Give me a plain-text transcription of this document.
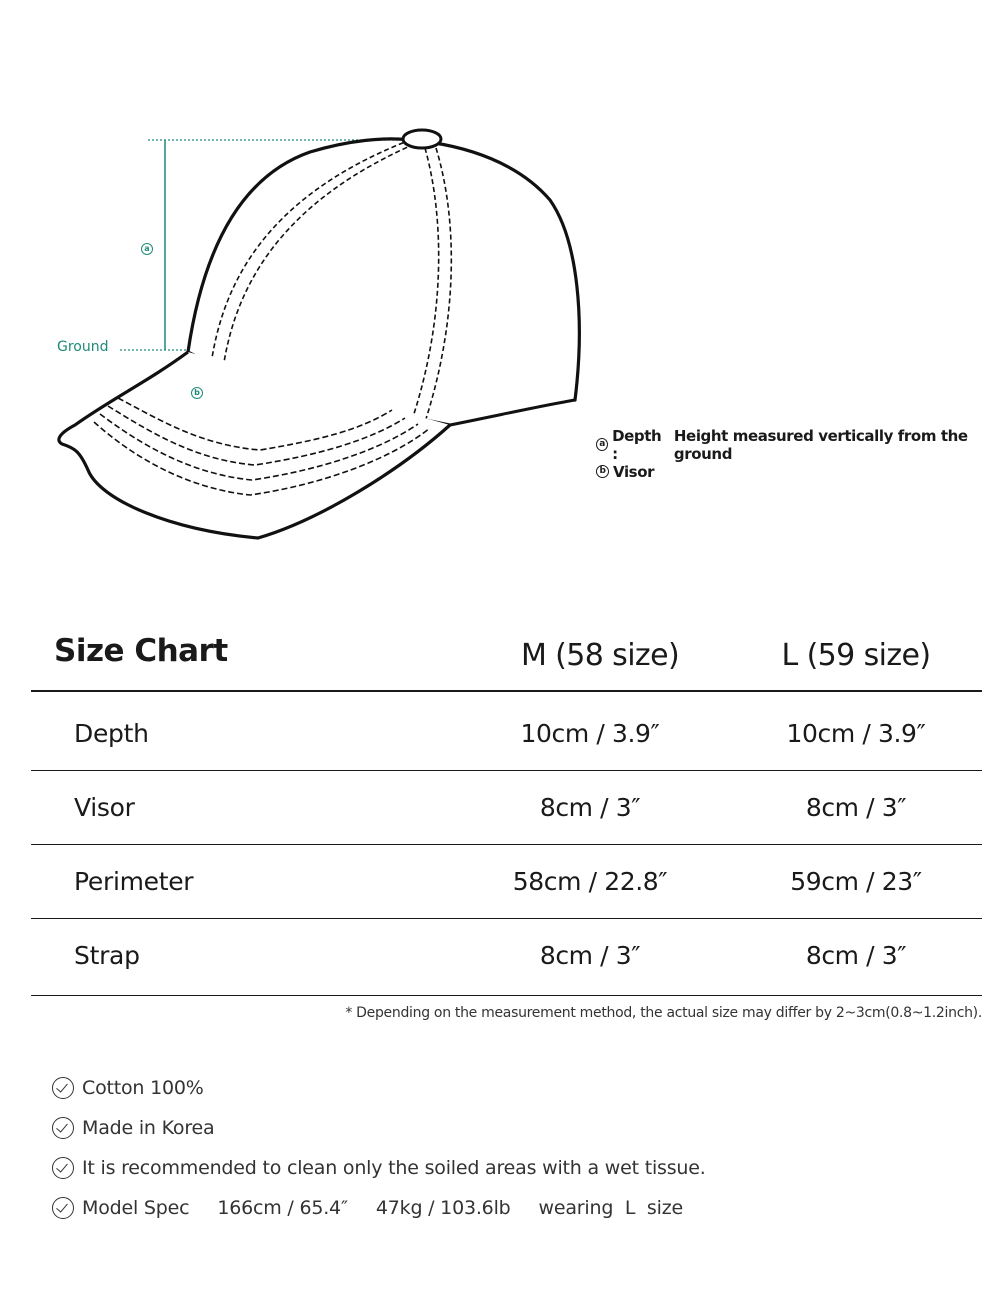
Ground
a
b
a Depth :
Height measured vertically from the ground
b Visor
Size Chart	M (58 size)	L (59 size)
Depth	10cm / 3.9″	10cm / 3.9″
Visor	8cm / 3″	8cm / 3″
Perimeter	58cm / 22.8″	59cm / 23″
Strap	8cm / 3″	8cm / 3″
* Depending on the measurement method, the actual size may differ by 2~3cm(0.8~1.2inch).
Cotton 100%
Made in Korea
It is recommended to clean only the soiled areas with a wet tissue.
Model Spec 166cm / 65.4″ 47kg / 103.6lb wearing  L  size
